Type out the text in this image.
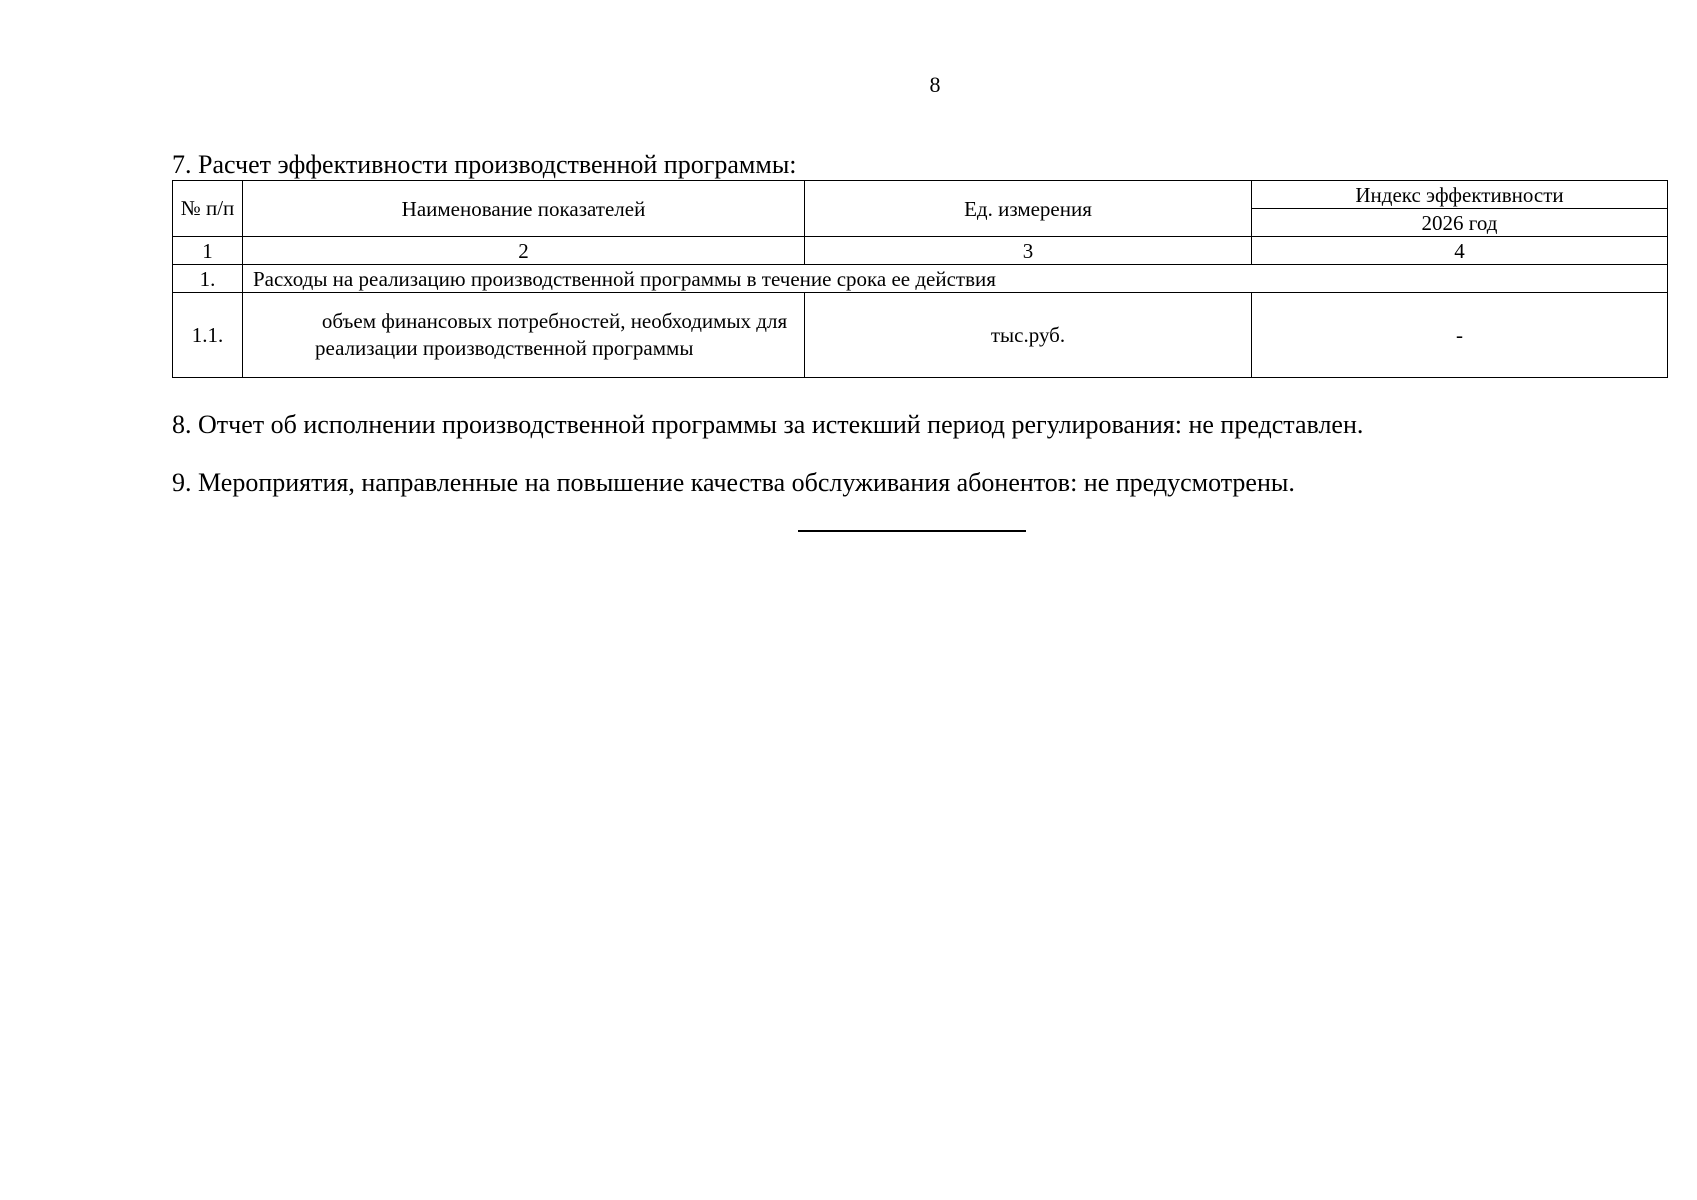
8
7. Расчет эффективности производственной программы:
№ п/п	Наименование показателей	Ед. измерения	Индекс эффективности
			2026 год
1	2	3	4
1.	Расходы на реализацию производственной программы в течение срока ее действия		
1.1.	объем финансовых потребностей, необходимых для реализации производственной программы	тыс.руб.	-
8. Отчет об исполнении производственной программы за истекший период регулирования: не представлен.
9. Мероприятия, направленные на повышение качества обслуживания абонентов: не предусмотрены.
